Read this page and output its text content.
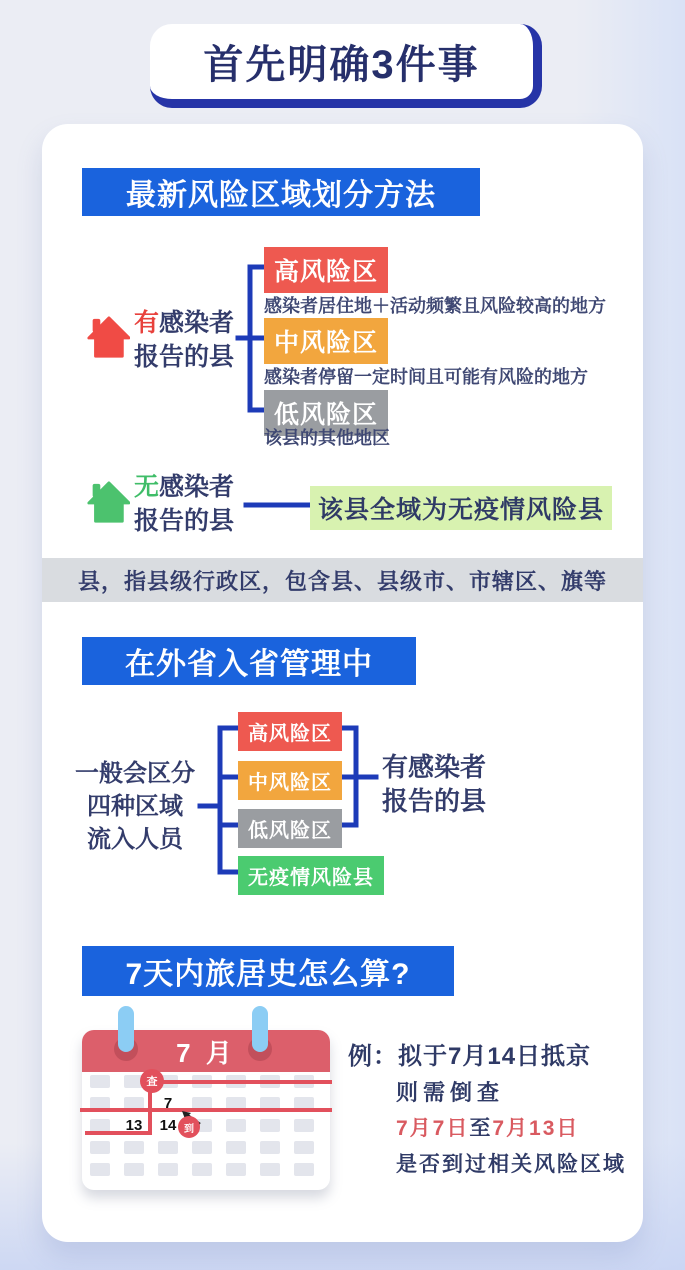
首先明确3件事
最新风险区域划分方法
有感染者
报告的县
高风险区
感染者居住地＋活动频繁且风险较高的地方
中风险区
感染者停留一定时间且可能有风险的地方
低风险区
该县的其他地区
无感染者
报告的县	该县全域为无疫情风险县
县，指县级行政区，包含县、县级市、市辖区、旗等
在外省入省管理中
一般会区分
四种区域
流入人员
高风险区
中风险区
低风险区
无疫情风险县
有感染者
报告的县
7天内旅居史怎么算?
7 月
7
13 14
查
到
例：拟于7月14日抵京
则需倒查
7月7日至7月13日
是否到过相关风险区域
